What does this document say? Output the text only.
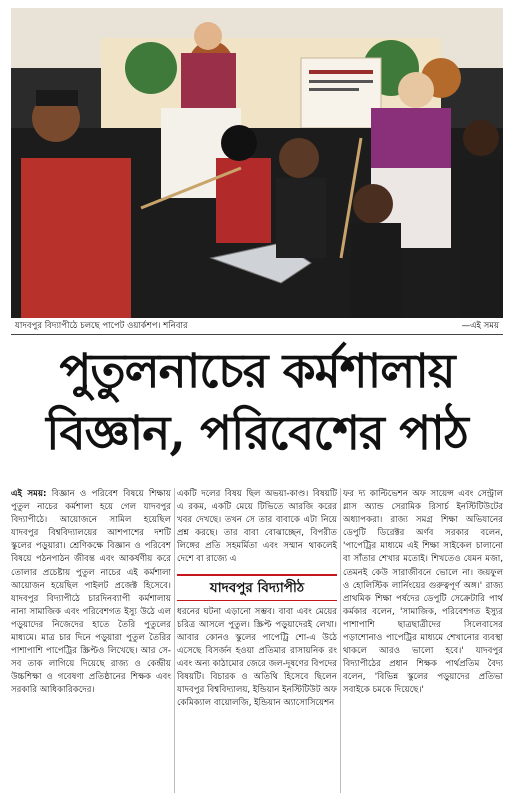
যাদবপুর বিদ্যাপীঠে চলছে পাপেট ওয়ার্কশপ। শনিবার	—এই সময়
পুতুলনাচের কর্মশালায়
বিজ্ঞান, পরিবেশের পাঠ

এই সময়: বিজ্ঞান ও পরিবেশ বিষয়ে শিক্ষায় পুতুল নাচের কর্মশালা হয়ে গেল যাদবপুর বিদ্যাপীঠে। আয়োজনে সামিল হয়েছিল যাদবপুর বিশ্ববিদ্যালয়ের আশপাশের দশটি স্কুলের পড়ুয়ারা। শ্রেণিকক্ষে বিজ্ঞান ও পরিবেশ বিষয়ে পঠনপাঠন জীবন্ত এবং আকর্ষণীয় করে তোলার প্রচেষ্টায় পুতুল নাচের এই কর্মশালা আয়োজন হয়েছিল পাইলট প্রজেক্ট হিসেবে। যাদবপুর বিদ্যাপীঠে চারদিনব্যাপী কর্মশালায় নানা সামাজিক এবং পরিবেশগত ইস্যু উঠে এল পড়ুয়াদের নিজেদের হাতে তৈরি পুতুলের মাধ্যমে। মাত্র চার দিনে পড়ুয়ারা পুতুল তৈরির পাশাপাশি পাপেট্রির স্ক্রিপ্টও লিখেছে। আর সে-সব তাক লাগিয়ে দিয়েছে রাজ্য ও কেন্দ্রীয় উচ্চশিক্ষা ও গবেষণা প্রতিষ্ঠানের শিক্ষক এবং সরকারি আধিকারিকদের।

একটি দলের বিষয় ছিল অভয়া-কাণ্ড। বিষয়টি এ রকম, একটি মেয়ে টিভিতে আরজি করের খবর দেখছে। তখন সে তার বাবাকে এটা নিয়ে প্রশ্ন করছে। তার বাবা বোঝাচ্ছেন, বিপরীত লিঙ্গের প্রতি সহমর্মিতা এবং সম্মান থাকলেই দেশে বা রাজ্যে এ

যাদবপুর বিদ্যাপীঠ

ধরনের ঘটনা এড়ানো সম্ভব। বাবা এবং মেয়ের চরিত্র আসলে পুতুল। স্ক্রিপ্ট পড়ুয়াদেরই লেখা। আবার কোনও স্কুলের পাপেট্রি শো-এ উঠে এসেছে বিসর্জন হওয়া প্রতিমার রাসায়নিক রং এবং অন্য কাঠামোর জেরে জল-দূষণের বিপদের বিষয়টি। বিচারক ও অতিথি হিসেবে ছিলেন যাদবপুর বিশ্ববিদ্যালয়, ইন্ডিয়ান ইনস্টিটিউট অফ কেমিক্যাল বায়োলজি, ইন্ডিয়ান অ্যাসোসিয়েশন

ফর দ্য কাল্টিভেশন অফ সায়েন্স এবং সেন্ট্রাল গ্লাস অ্যান্ড সেরামিক রিসার্চ ইনস্টিটিউটের অধ্যাপকরা। রাজ্য সমগ্র শিক্ষা অভিযানের ডেপুটি ডিরেক্টর অর্ণব সরকার বলেন, 'পাপেট্রির মাধ্যমে এই শিক্ষা সাইকেল চালানো বা সাঁতার শেখার মতোই। শিখতেও যেমন মজা, তেমনই কেউ সারাজীবনে ভোলে না। জয়ফুল ও হোলিস্টিক লার্নিংয়ের গুরুত্বপূর্ণ অঙ্গ।' রাজ্য প্রাথমিক শিক্ষা পর্ষদের ডেপুটি সেক্রেটারি পার্থ কর্মকার বলেন, 'সামাজিক, পরিবেশগত ইস্যুর পাশাপাশি ছাত্রছাত্রীদের সিলেবাসের পড়াশোনাও পাপেট্রির মাধ্যমে শেখানোর ব্যবস্থা থাকলে আরও ভালো হবে।' যাদবপুর বিদ্যাপীঠের প্রধান শিক্ষক পার্থপ্রতিম বৈদ্য বলেন, 'বিভিন্ন স্কুলের পড়ুয়াদের প্রতিভা সবাইকে চমকে দিয়েছে।'
